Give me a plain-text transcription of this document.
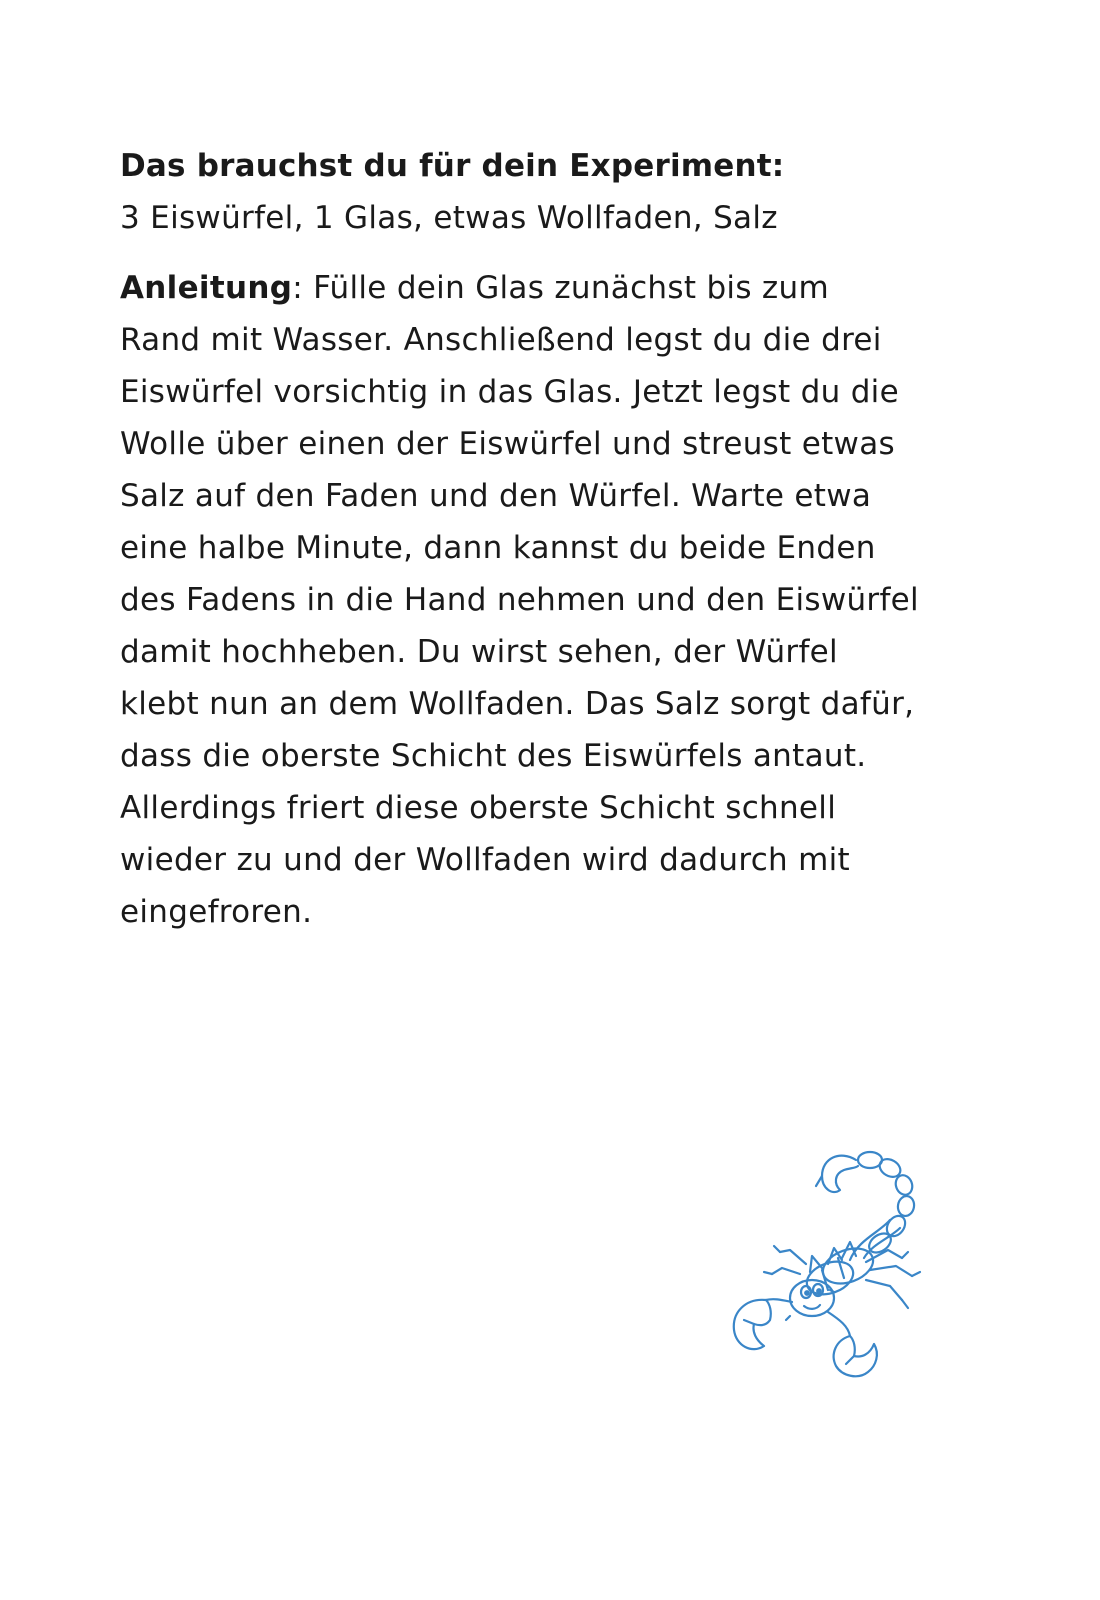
Das brauchst du für dein Experiment:

3 Eiswürfel, 1 Glas, etwas Wollfaden, Salz

Anleitung: Fülle dein Glas zunächst bis zum
Rand mit Wasser. Anschließend legst du die drei
Eiswürfel vorsichtig in das Glas. Jetzt legst du die
Wolle über einen der Eiswürfel und streust etwas
Salz auf den Faden und den Würfel. Warte etwa
eine halbe Minute, dann kannst du beide Enden
des Fadens in die Hand nehmen und den Eiswürfel
damit hochheben. Du wirst sehen, der Würfel
klebt nun an dem Wollfaden. Das Salz sorgt dafür,
dass die oberste Schicht des Eiswürfels antaut.
Allerdings friert diese oberste Schicht schnell
wieder zu und der Wollfaden wird dadurch mit
eingefroren.
